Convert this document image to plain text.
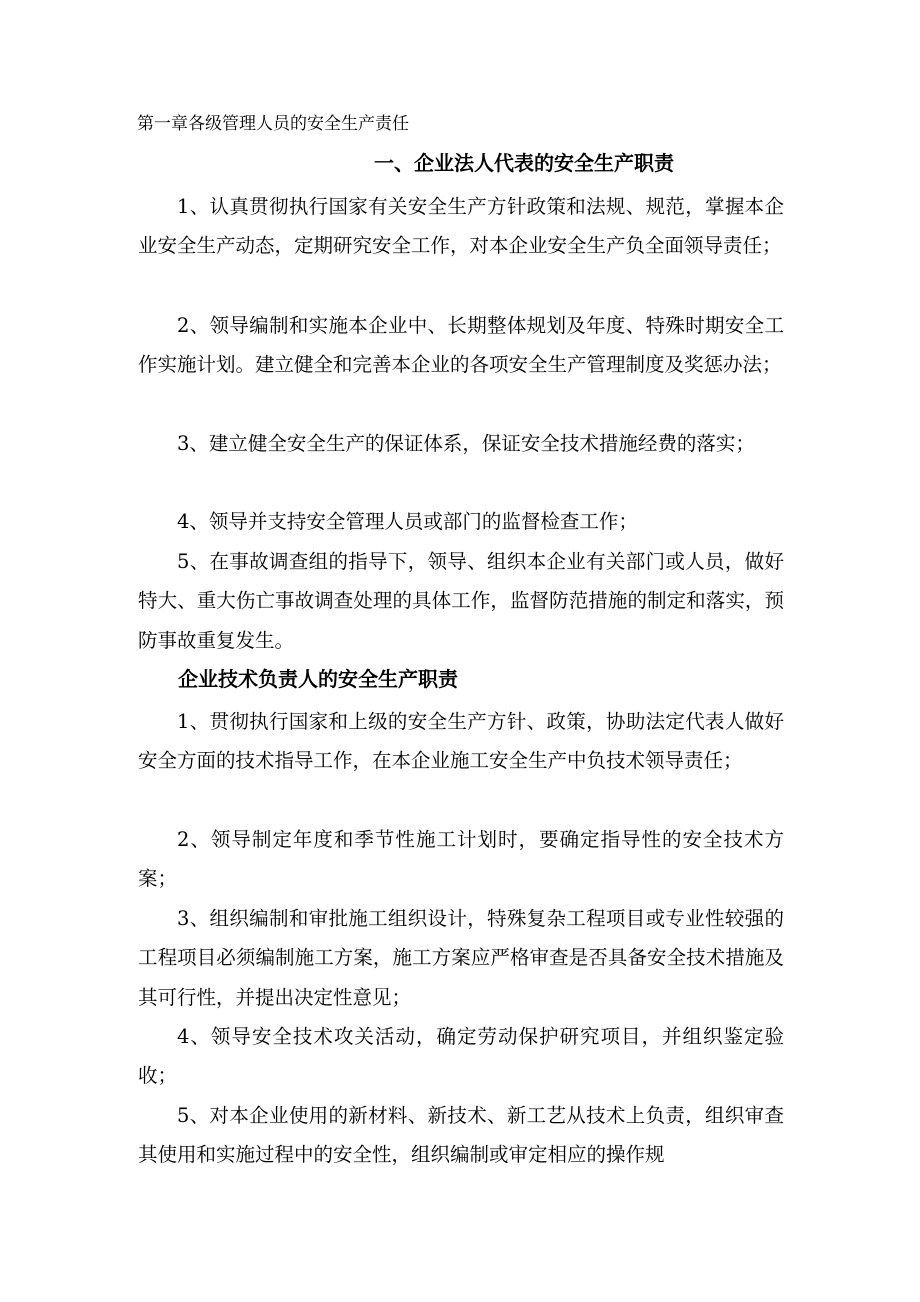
第一章各级管理人员的安全生产责任
一、企业法人代表的安全生产职责

1、认真贯彻执行国家有关安全生产方针政策和法规、规范，掌握本企业安全生产动态，定期研究安全工作，对本企业安全生产负全面领导责任；

2、领导编制和实施本企业中、长期整体规划及年度、特殊时期安全工作实施计划。建立健全和完善本企业的各项安全生产管理制度及奖惩办法；

3、建立健全安全生产的保证体系，保证安全技术措施经费的落实；

4、领导并支持安全管理人员或部门的监督检查工作；

5、在事故调查组的指导下，领导、组织本企业有关部门或人员，做好特大、重大伤亡事故调查处理的具体工作，监督防范措施的制定和落实，预防事故重复发生。

企业技术负责人的安全生产职责

1、贯彻执行国家和上级的安全生产方针、政策，协助法定代表人做好安全方面的技术指导工作，在本企业施工安全生产中负技术领导责任；

2、领导制定年度和季节性施工计划时，要确定指导性的安全技术方案；

3、组织编制和审批施工组织设计，特殊复杂工程项目或专业性较强的工程项目必须编制施工方案，施工方案应严格审查是否具备安全技术措施及其可行性，并提出决定性意见；

4、领导安全技术攻关活动，确定劳动保护研究项目，并组织鉴定验收；

5、对本企业使用的新材料、新技术、新工艺从技术上负责，组织审查其使用和实施过程中的安全性，组织编制或审定相应的操作规
